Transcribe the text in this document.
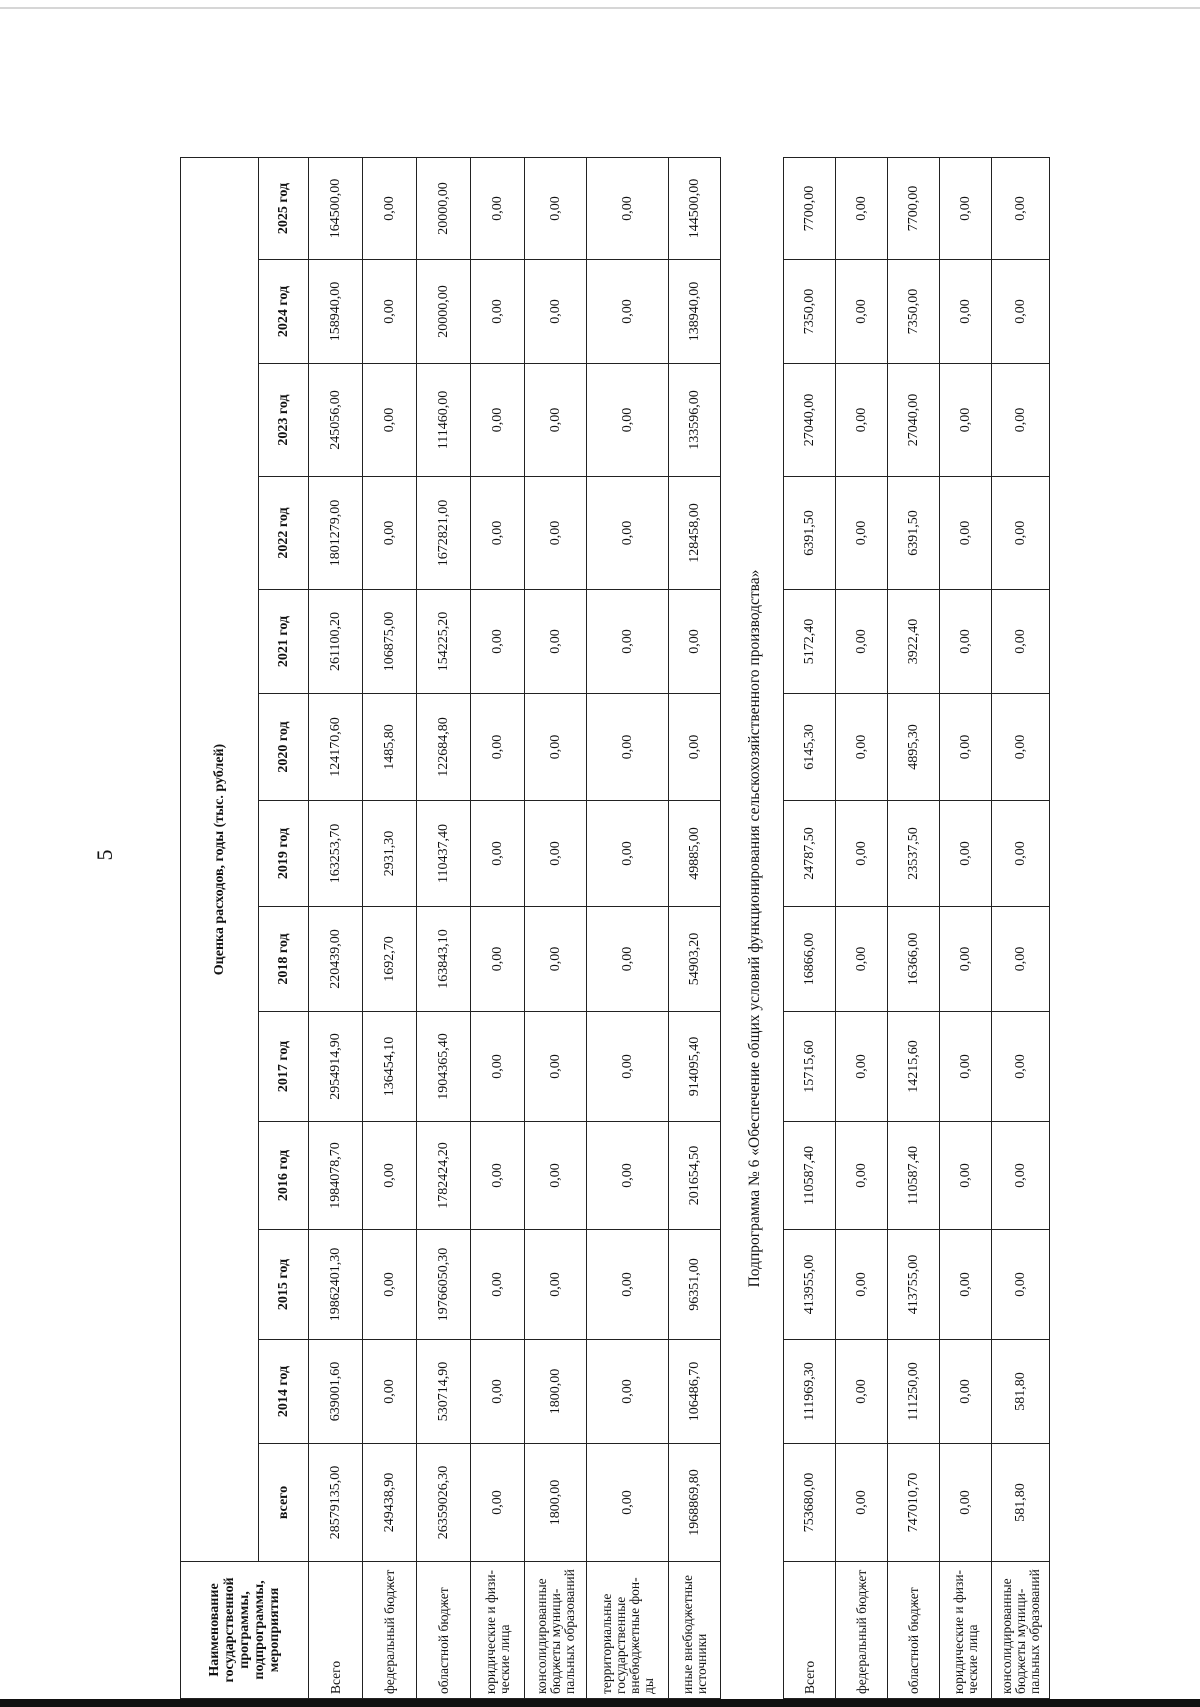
5
Наименование государственной программы, подпрограммы, мероприятия	Оценка расходов, годы (тыс. рублей)												
	всего	2014 год	2015 год	2016 год	2017 год	2018 год	2019 год	2020 год	2021 год	2022 год	2023 год	2024 год	2025 год
Всего	28579135,00	639001,60	19862401,30	1984078,70	2954914,90	220439,00	163253,70	124170,60	261100,20	1801279,00	245056,00	158940,00	164500,00
федеральный бюджет	249438,90	0,00	0,00	0,00	136454,10	1692,70	2931,30	1485,80	106875,00	0,00	0,00	0,00	0,00
областной бюджет	26359026,30	530714,90	19766050,30	1782424,20	1904365,40	163843,10	110437,40	122684,80	154225,20	1672821,00	111460,00	20000,00	20000,00
юридические и физи-ческие лица	0,00	0,00	0,00	0,00	0,00	0,00	0,00	0,00	0,00	0,00	0,00	0,00	0,00
консолидированные бюджеты муници-пальных образований	1800,00	1800,00	0,00	0,00	0,00	0,00	0,00	0,00	0,00	0,00	0,00	0,00	0,00
территориальные государственные внебюджетные фон-ды	0,00	0,00	0,00	0,00	0,00	0,00	0,00	0,00	0,00	0,00	0,00	0,00	0,00
иные внебюджетные источники	1968869,80	106486,70	96351,00	201654,50	914095,40	54903,20	49885,00	0,00	0,00	128458,00	133596,00	138940,00	144500,00
Подпрограмма № 6 «Обеспечение общих условий функционирования сельскохозяйственного производства»
Всего	753680,00	111969,30	413955,00	110587,40	15715,60	16866,00	24787,50	6145,30	5172,40	6391,50	27040,00	7350,00	7700,00
федеральный бюджет	0,00	0,00	0,00	0,00	0,00	0,00	0,00	0,00	0,00	0,00	0,00	0,00	0,00
областной бюджет	747010,70	111250,00	413755,00	110587,40	14215,60	16366,00	23537,50	4895,30	3922,40	6391,50	27040,00	7350,00	7700,00
юридические и физи-ческие лица	0,00	0,00	0,00	0,00	0,00	0,00	0,00	0,00	0,00	0,00	0,00	0,00	0,00
консолидированные бюджеты муници-пальных образований	581,80	581,80	0,00	0,00	0,00	0,00	0,00	0,00	0,00	0,00	0,00	0,00	0,00
